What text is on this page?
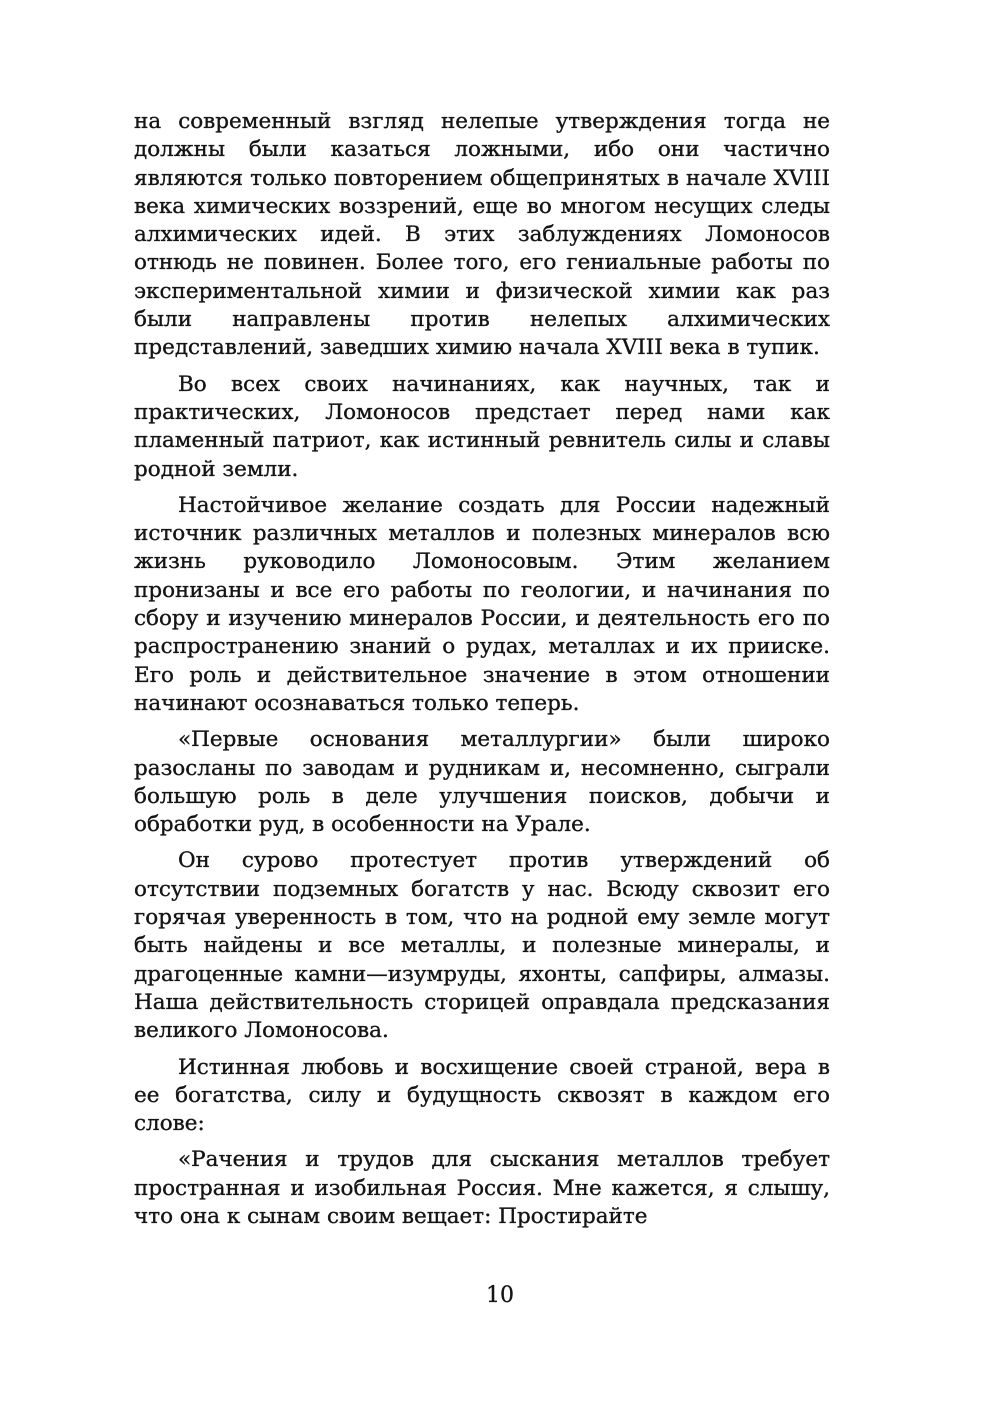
на современный взгляд нелепые утверждения тогда не должны были казаться ложными, ибо они частично являются только повторением общепринятых в начале XVIII века химических воззрений, еще во многом несущих следы алхимических идей. В этих заблуждениях Ломоносов отнюдь не повинен. Более того, его гениальные работы по экспериментальной химии и физической химии как раз были направлены против нелепых алхимических представлений, заведших химию начала XVIII века в тупик.

Во всех своих начинаниях, как научных, так и практических, Ломоносов предстает перед нами как пламенный патриот, как истинный ревнитель силы и славы родной земли.

Настойчивое желание создать для России надежный источник различных металлов и полезных минералов всю жизнь руководило Ломоносовым. Этим желанием пронизаны и все его работы по геологии, и начинания по сбору и изучению минералов России, и деятельность его по распространению знаний о рудах, металлах и их прииске. Его роль и действительное значение в этом отношении начинают осознаваться только теперь.

«Первые основания металлургии» были широко разосланы по заводам и рудникам и, несомненно, сыграли большую роль в деле улучшения поисков, добычи и обработки руд, в особенности на Урале.

Он сурово протестует против утверждений об отсутствии подземных богатств у нас. Всюду сквозит его горячая уверенность в том, что на родной ему земле могут быть найдены и все металлы, и полезные минералы, и драгоценные камни—изумруды, яхонты, сапфиры, алмазы. Наша действительность сторицей оправдала предсказания великого Ломоносова.

Истинная любовь и восхищение своей страной, вера в ее богатства, силу и будущность сквозят в каждом его слове:

«Рачения и трудов для сыскания металлов требует пространная и изобильная Россия. Мне кажется, я слышу, что она к сынам своим вещает: Простирайте

10
